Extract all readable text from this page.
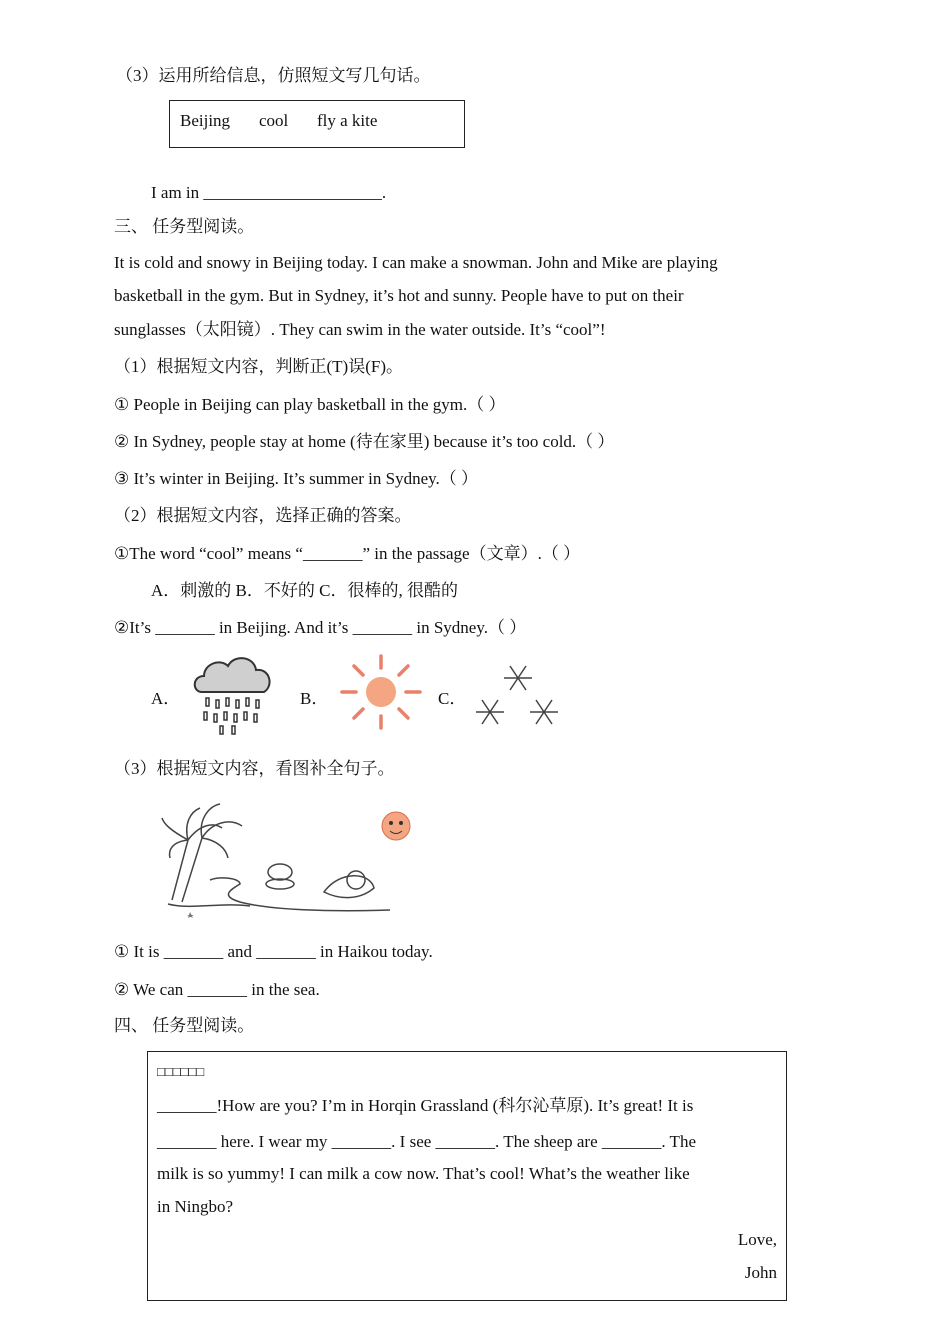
（3）运用所给信息，仿照短文写几句话。
Beijing cool fly a kite
I am in _____________________.
三、 任务型阅读。
It is cold and snowy in Beijing today. I can make a snowman. John and Mike are playing
basketball in the gym. But in Sydney, it’s hot and sunny. People have to put on their
sunglasses（太阳镜）. They can swim in the water outside. It’s “cool”!
（1）根据短文内容，判断正(T)误(F)。
① People in Beijing can play basketball in the gym.（ ）
② In Sydney, people stay at home (待在家里) because it’s too cold.（ ）
③ It’s winter in Beijing. It’s summer in Sydney.（ ）
（2）根据短文内容，选择正确的答案。
①The word “cool” means “_______” in the passage（文章）.（ ）
A．刺激的 B．不好的 C．很棒的, 很酷的
②It’s _______ in Beijing. And it’s _______ in Sydney.（ ）
A．	B．	C．
（3）根据短文内容，看图补全句子。
① It is _______ and _______ in Haikou today.
② We can _______ in the sea.
四、 任务型阅读。
□□□□□□
_______!How are you? I’m in Horqin Grassland (科尔沁草原). It’s great! It is
_______ here. I wear my _______. I see _______. The sheep are _______. The
milk is so yummy! I can milk a cow now. That’s cool! What’s the weather like
in Ningbo?
Love,
John
